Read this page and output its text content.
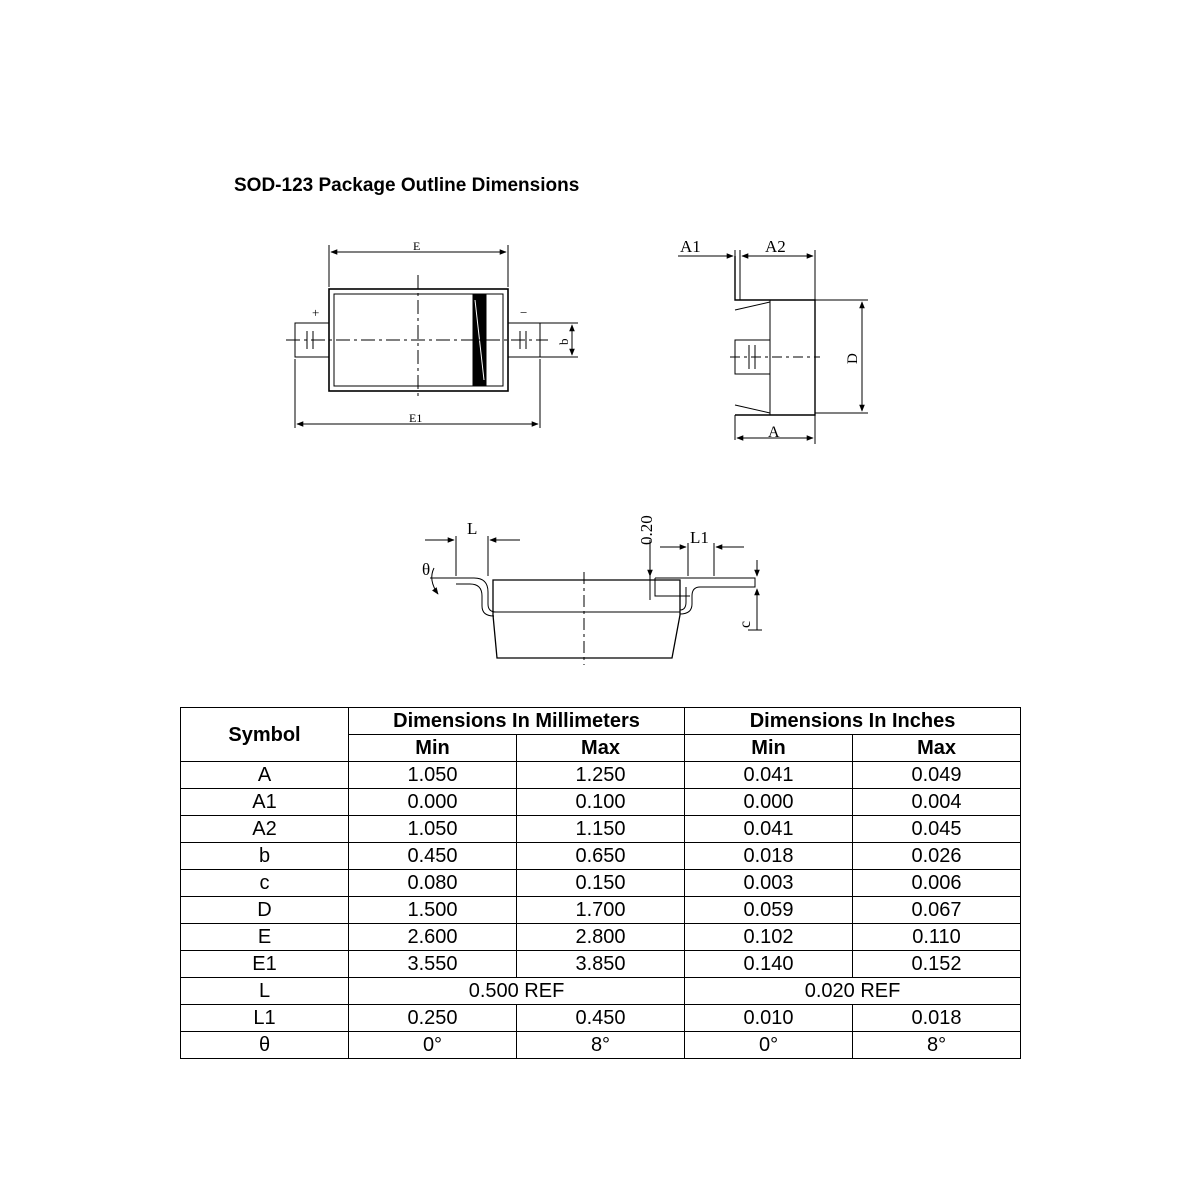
SOD-123 Package Outline Dimensions
+	−
E
E1
b
A1	A2
A
D
L	L1
θ
0.20
c
Symbol	Dimensions In Millimeters		Dimensions In Inches	
	Min	Max	Min	Max
A	1.050	1.250	0.041	0.049
A1	0.000	0.100	0.000	0.004
A2	1.050	1.150	0.041	0.045
b	0.450	0.650	0.018	0.026
c	0.080	0.150	0.003	0.006
D	1.500	1.700	0.059	0.067
E	2.600	2.800	0.102	0.110
E1	3.550	3.850	0.140	0.152
L	0.500 REF		0.020 REF	
L1	0.250	0.450	0.010	0.018
θ	0°	8°	0°	8°
